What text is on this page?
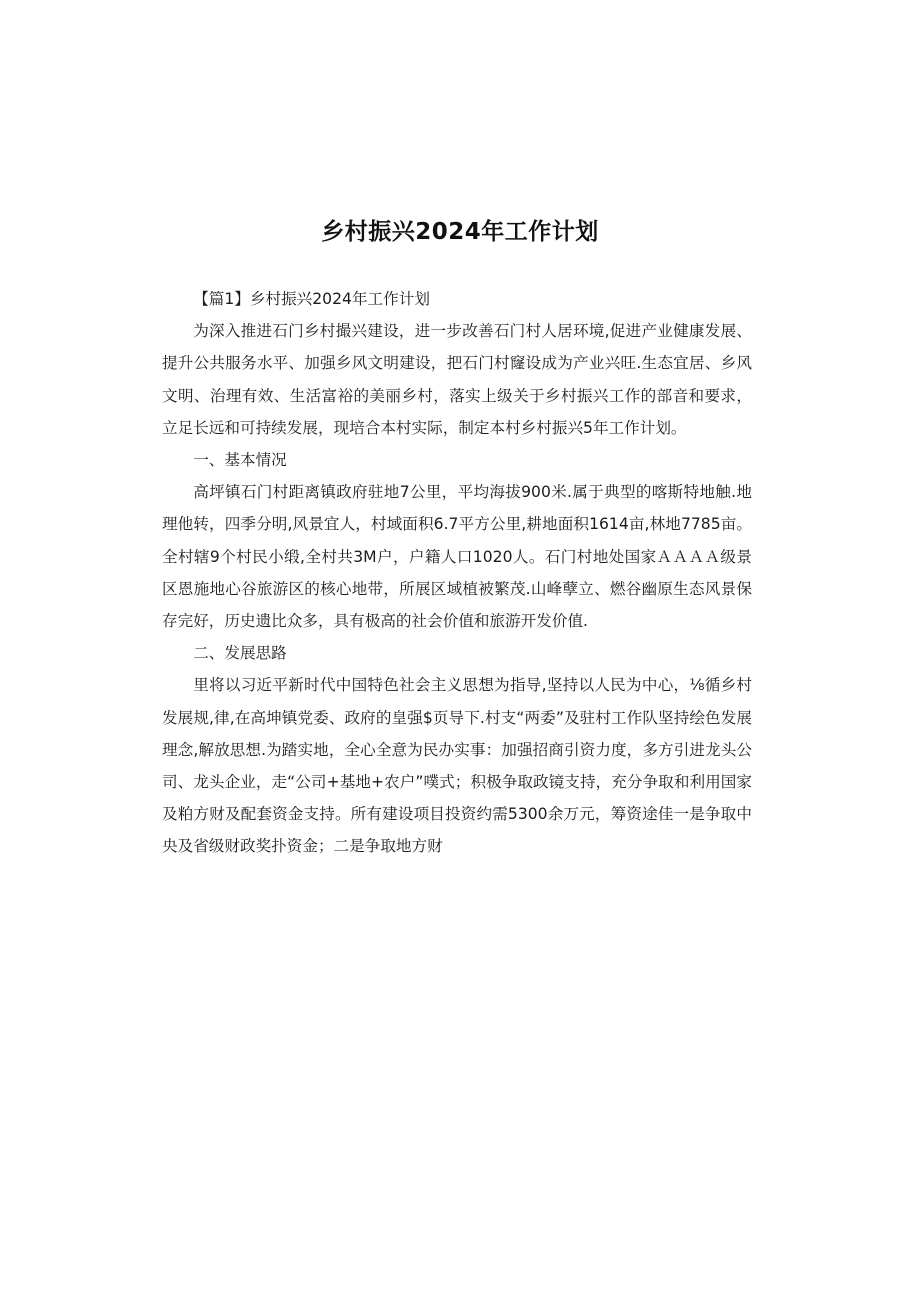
乡村振兴2024年工作计划

【篇1】乡村振兴2024年工作计划

为深入推进石门乡村撮兴建设，进一步改善石门村人居环境,促进产业健康发展、提升公共服务水平、加强乡风文明建设，把石门村窿设成为产业兴旺.生态宜居、乡风文明、治理有效、生活富裕的美丽乡村，落实上级关于乡村振兴工作的部音和要求，立足长远和可持续发展，现培合本村实际，制定本村乡村振兴5年工作计划。

一、基本情况

高坪镇石门村距离镇政府驻地7公里，平均海拔900米.属于典型的喀斯特地触.地理他转，四季分明,风景宜人，村域面积6.7平方公里,耕地面积1614亩,林地7785亩。全村辖9个村民小缎,全村共3M户，户籍人口1020人。石门村地处国家ＡＡＡＡ级景区恩施地心谷旅游区的核心地带，所展区域植被繁茂.山峰孽立、燃谷幽原生态风景保存完好，历史遗比众多，具有极高的社会价值和旅游开发价值.

二、发展思路

里将以习近平新时代中国特色社会主义思想为指导,坚持以人民为中心，⅛循乡村发展规,律,在高坤镇党委、政府的皇强$页导下.村支“两委”及驻村工作队坚持绘色发展理念,解放思想.为踏实地，全心全意为民办实事：加强招商引资力度，多方引进龙头公司、龙头企业，走“公司+基地+农户”噗式；积极争取政镜支持，充分争取和利用国家及粕方财及配套资金支持。所有建设项目投资约需5300余万元，筹资途佳一是争取中央及省级财政奖扑资金；二是争取地方财
